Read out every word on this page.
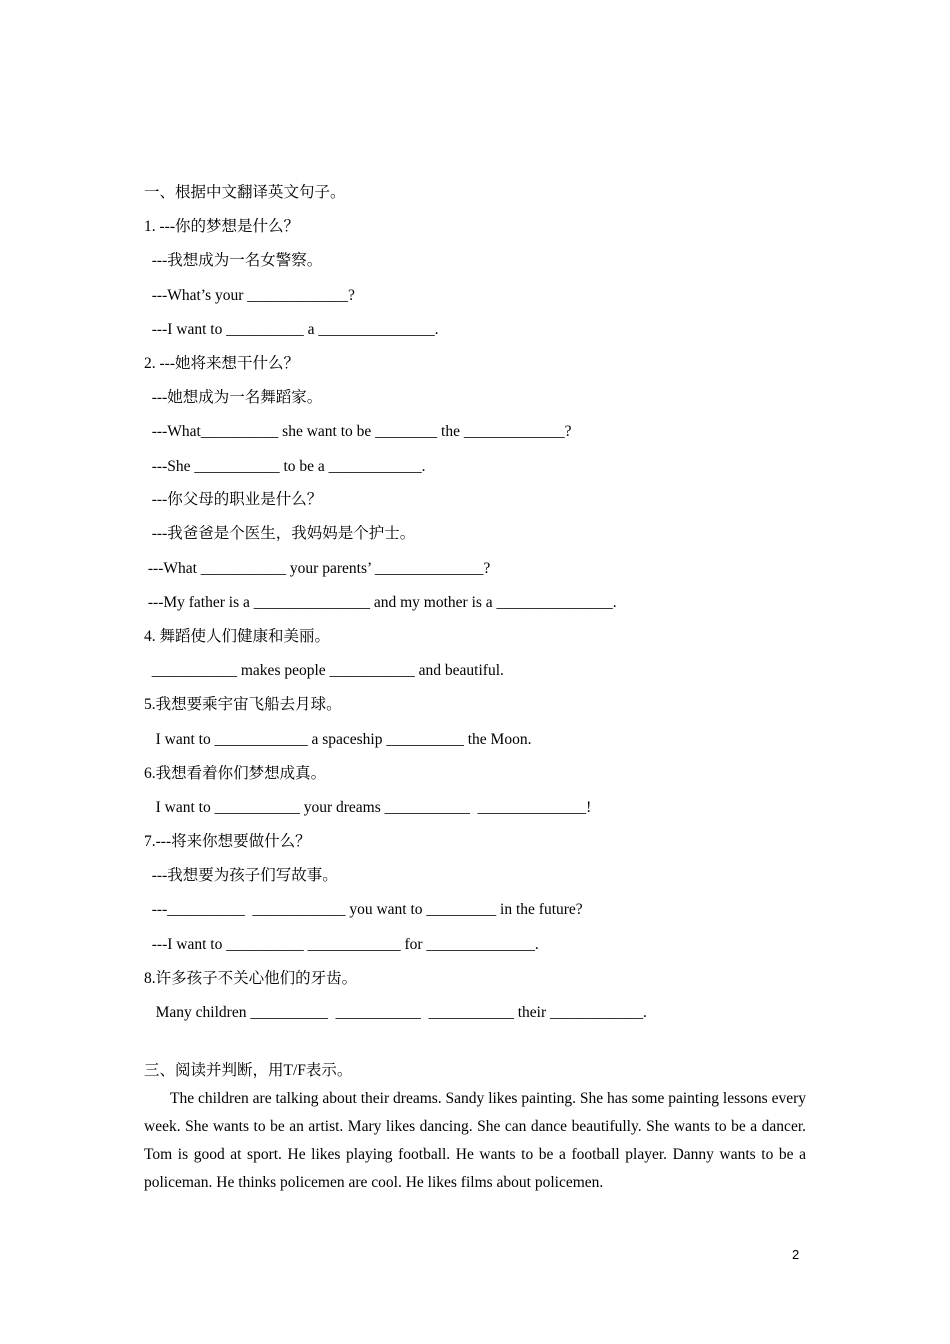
一、根据中文翻译英文句子。
1. ---你的梦想是什么？
---我想成为一名女警察。
---What’s your _____________?
---I want to __________ a _______________.
2. ---她将来想干什么？
---她想成为一名舞蹈家。
---What__________ she want to be ________ the _____________?
---She ___________ to be a ____________.
---你父母的职业是什么？
---我爸爸是个医生，我妈妈是个护士。
---What ___________ your parents’ ______________?
---My father is a _______________ and my mother is a _______________.
4. 舞蹈使人们健康和美丽。
___________ makes people ___________ and beautiful.
5.我想要乘宇宙飞船去月球。
I want to ____________ a spaceship __________ the Moon.
6.我想看着你们梦想成真。
I want to ___________ your dreams ___________  ______________!
7.---将来你想要做什么？
---我想要为孩子们写故事。
---__________  ____________ you want to _________ in the future?
---I want to __________ ____________ for ______________.
8.许多孩子不关心他们的牙齿。
Many children __________  ___________  ___________ their ____________.
三、阅读并判断，用T/F表示。
The children are talking about their dreams. Sandy likes painting. She has some painting lessons every week. She wants to be an artist. Mary likes dancing. She can dance beautifully. She wants to be a dancer. Tom is good at sport. He likes playing football. He wants to be a football player. Danny wants to be a policeman. He thinks policemen are cool. He likes films about policemen.
2
